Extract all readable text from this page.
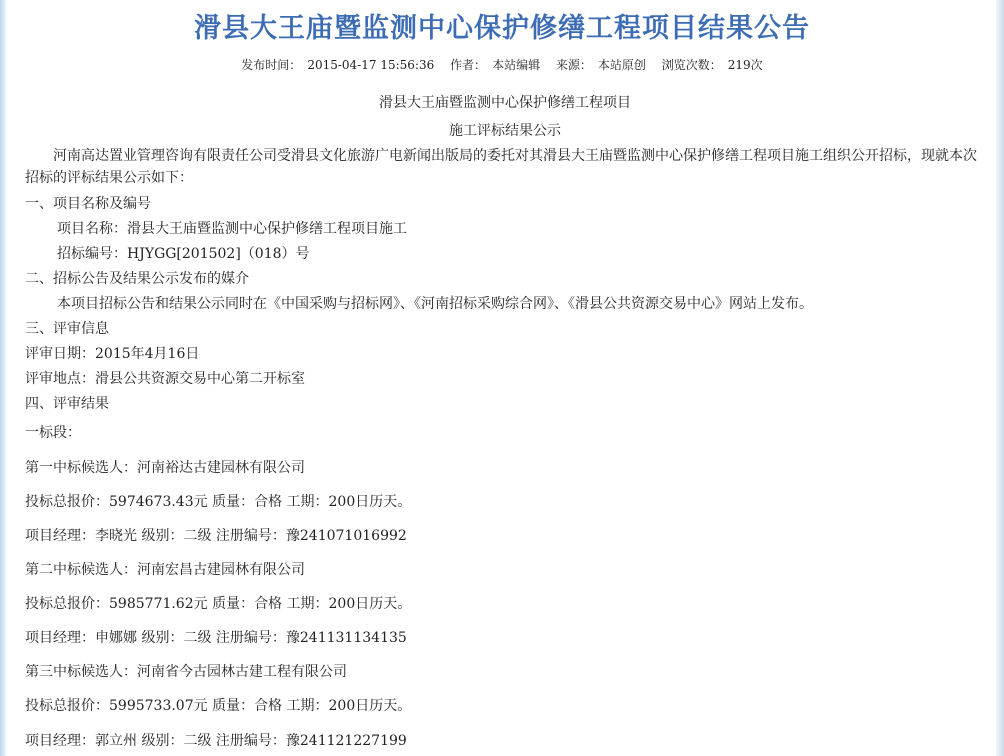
滑县大王庙暨监测中心保护修缮工程项目结果公告
发布时间： 2015-04-17 15:56:36 作者： 本站编辑 来源： 本站原创 浏览次数： 219次
滑县大王庙暨监测中心保护修缮工程项目
施工评标结果公示
河南高达置业管理咨询有限责任公司受滑县文化旅游广电新闻出版局的委托对其滑县大王庙暨监测中心保护修缮工程项目施工组织公开招标，现就本次招标的评标结果公示如下：
一、项目名称及编号
项目名称：滑县大王庙暨监测中心保护修缮工程项目施工
招标编号：HJYGG[201502]（018）号
二、招标公告及结果公示发布的媒介
本项目招标公告和结果公示同时在《中国采购与招标网》、《河南招标采购综合网》、《滑县公共资源交易中心》网站上发布。
三、评审信息
评审日期：2015年4月16日
评审地点：滑县公共资源交易中心第二开标室
四、评审结果
一标段：
第一中标候选人：河南裕达古建园林有限公司
投标总报价：5974673.43元 质量：合格 工期：200日历天。
项目经理：李晓光 级别：二级 注册编号：豫241071016992
第二中标候选人：河南宏昌古建园林有限公司
投标总报价：5985771.62元 质量：合格 工期：200日历天。
项目经理：申娜娜 级别：二级 注册编号：豫241131134135
第三中标候选人：河南省今古园林古建工程有限公司
投标总报价：5995733.07元 质量：合格 工期：200日历天。
项目经理：郭立州 级别：二级 注册编号：豫241121227199
